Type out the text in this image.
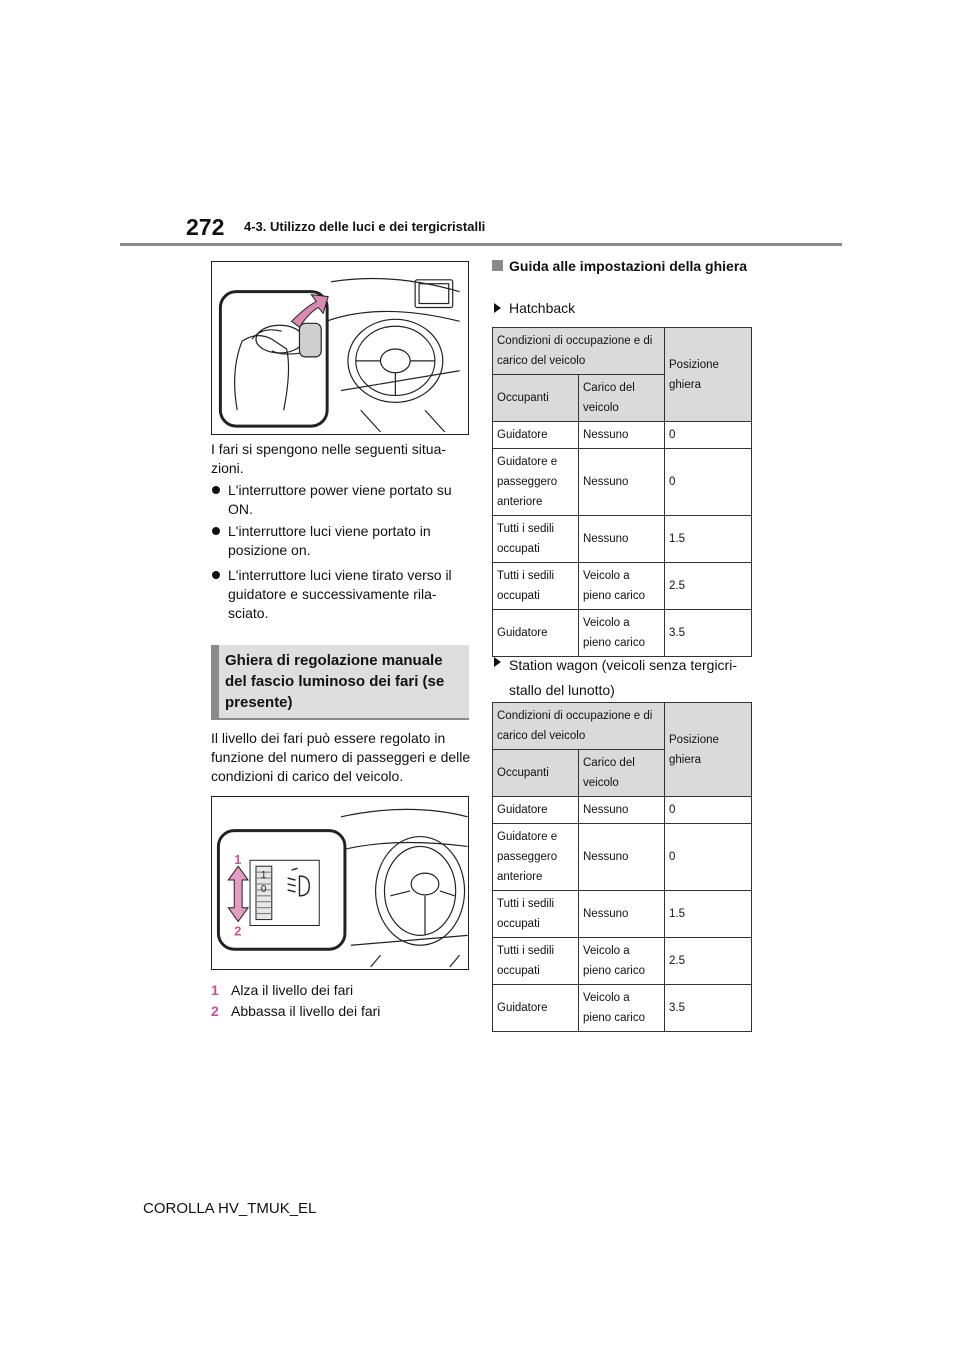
272 4-3. Utilizzo delle luci e dei tergicristalli
I fari si spengono nelle seguenti situa-zioni.
L'interruttore power viene portato su ON.
L'interruttore luci viene portato in posizione on.
L'interruttore luci viene tirato verso il guidatore e successivamente rila-sciato.
Ghiera di regolazione manuale del fascio luminoso dei fari (se presente)
Il livello dei fari può essere regolato in funzione del numero di passeggeri e delle condizioni di carico del veicolo.
1
2
1
0
1 Alza il livello dei fari
2 Abbassa il livello dei fari
Guida alle impostazioni della ghiera
Hatchback
Condizioni di occupazione e di carico del veicolo		Posizione ghiera
Occupanti	Carico del veicolo	
Guidatore	Nessuno	0
Guidatore e passeggero anteriore	Nessuno	0
Tutti i sedili occupati	Nessuno	1.5
Tutti i sedili occupati	Veicolo a pieno carico	2.5
Guidatore	Veicolo a pieno carico	3.5
Station wagon (veicoli senza tergicri-stallo del lunotto)
Condizioni di occupazione e di carico del veicolo		Posizione ghiera
Occupanti	Carico del veicolo	
Guidatore	Nessuno	0
Guidatore e passeggero anteriore	Nessuno	0
Tutti i sedili occupati	Nessuno	1.5
Tutti i sedili occupati	Veicolo a pieno carico	2.5
Guidatore	Veicolo a pieno carico	3.5
COROLLA HV_TMUK_EL
